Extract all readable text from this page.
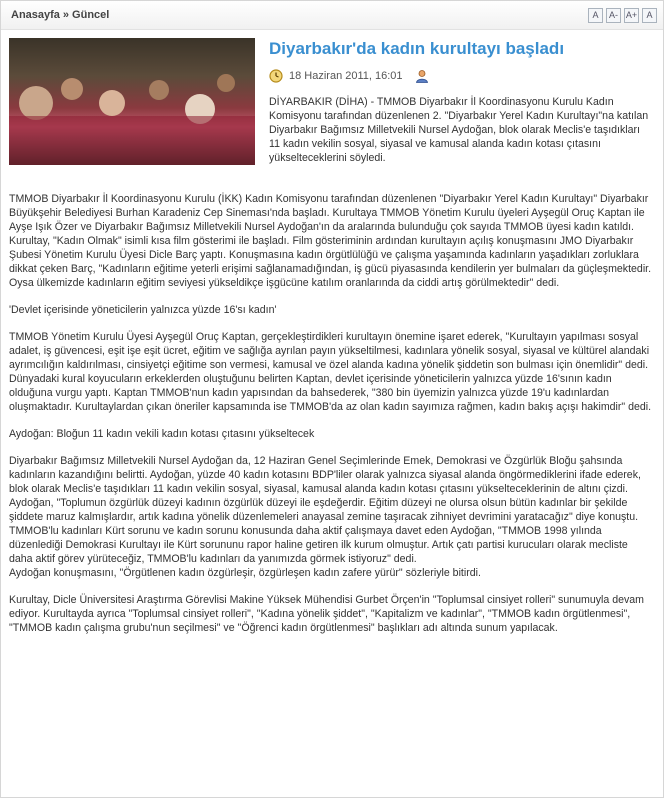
Anasayfa » Güncel	A	A- A+	A
Diyarbakır'da kadın kurultayı başladı
18 Haziran 2011, 16:01

DİYARBAKIR (DİHA) - TMMOB Diyarbakır İl Koordinasyonu Kurulu Kadın Komisyonu tarafından düzenlenen 2. "Diyarbakır Yerel Kadın Kurultayı"na katılan Diyarbakır Bağımsız Milletvekili Nursel Aydoğan, blok olarak Meclis'e taşıdıkları 11 kadın vekilin sosyal, siyasal ve kamusal alanda kadın kotası çıtasını yükselteceklerini söyledi.

TMMOB Diyarbakır İl Koordinasyonu Kurulu (İKK) Kadın Komisyonu tarafından düzenlenen "Diyarbakır Yerel Kadın Kurultayı" Diyarbakır Büyükşehir Belediyesi Burhan Karadeniz Cep Sineması'nda başladı. Kurultaya TMMOB Yönetim Kurulu üyeleri Ayşegül Oruç Kaptan ile Ayşe Işık Özer ve Diyarbakır Bağımsız Milletvekili Nursel Aydoğan'ın da aralarında bulunduğu çok sayıda TMMOB üyesi kadın katıldı. Kurultay, "Kadın Olmak" isimli kısa film gösterimi ile başladı. Film gösteriminin ardından kurultayın açılış konuşmasını JMO Diyarbakır Şubesi Yönetim Kurulu Üyesi Dicle Barç yaptı. Konuşmasına kadın örgütlülüğü ve çalışma yaşamında kadınların yaşadıkları zorluklara dikkat çeken Barç, "Kadınların eğitime yeterli erişimi sağlanamadığından, iş gücü piyasasında kendilerin yer bulmaları da güçleşmektedir. Oysa ülkemizde kadınların eğitim seviyesi yükseldikçe işgücüne katılım oranlarında da ciddi artış görülmektedir" dedi.

'Devlet içerisinde yöneticilerin yalnızca yüzde 16'sı kadın'

TMMOB Yönetim Kurulu Üyesi Ayşegül Oruç Kaptan, gerçekleştirdikleri kurultayın önemine işaret ederek, "Kurultayın yapılması sosyal adalet, iş güvencesi, eşit işe eşit ücret, eğitim ve sağlığa ayrılan payın yükseltilmesi, kadınlara yönelik sosyal, siyasal ve kültürel alandaki ayrımcılığın kaldırılması, cinsiyetçi eğitime son vermesi, kamusal ve özel alanda kadına yönelik şiddetin son bulması için önemlidir" dedi. Dünyadaki kural koyucuların erkeklerden oluştuğunu belirten Kaptan, devlet içerisinde yöneticilerin yalnızca yüzde 16'sının kadın olduğuna vurgu yaptı. Kaptan TMMOB'nun kadın yapısından da bahsederek, "380 bin üyemizin yalnızca yüzde 19'u kadınlardan oluşmaktadır. Kurultaylardan çıkan öneriler kapsamında ise TMMOB'da az olan kadın sayımıza rağmen, kadın bakış açışı hakimdir" dedi.

Aydoğan: Bloğun 11 kadın vekili kadın kotası çıtasını yükseltecek

Diyarbakır Bağımsız Milletvekili Nursel Aydoğan da, 12 Haziran Genel Seçimlerinde Emek, Demokrasi ve Özgürlük Bloğu şahsında kadınların kazandığını belirtti. Aydoğan, yüzde 40 kadın kotasını BDP'liler olarak yalnızca siyasal alanda öngörmediklerini ifade ederek, blok olarak Meclis'e taşıdıkları 11 kadın vekilin sosyal, siyasal, kamusal alanda kadın kotası çıtasını yükselteceklerinin de altını çizdi. Aydoğan, "Toplumun özgürlük düzeyi kadının özgürlük düzeyi ile eşdeğerdir. Eğitim düzeyi ne olursa olsun bütün kadınlar bir şekilde şiddete maruz kalmışlardır, artık kadına yönelik düzenlemeleri anayasal zemine taşıracak zihniyet devrimini yaratacağız" diye konuştu. TMMOB'lu kadınları Kürt sorunu ve kadın sorunu konusunda daha aktif çalışmaya davet eden Aydoğan, "TMMOB 1998 yılında düzenlediği Demokrasi Kurultayı ile Kürt sorununu rapor haline getiren ilk kurum olmuştur. Artık çatı partisi kurucuları olarak mecliste daha aktif görev yürüteceğiz, TMMOB'lu kadınları da yanımızda görmek istiyoruz" dedi.

Aydoğan konuşmasını, "Örgütlenen kadın özgürleşir, özgürleşen kadın zafere yürür" sözleriyle bitirdi.

Kurultay, Dicle Üniversitesi Araştırma Görevlisi Makine Yüksek Mühendisi Gurbet Örçen'in "Toplumsal cinsiyet rolleri" sunumuyla devam ediyor. Kurultayda ayrıca "Toplumsal cinsiyet rolleri", "Kadına yönelik şiddet", "Kapitalizm ve kadınlar", "TMMOB kadın örgütlenmesi", "TMMOB kadın çalışma grubu'nun seçilmesi" ve "Öğrenci kadın örgütlenmesi" başlıkları adı altında sunum yapılacak.
